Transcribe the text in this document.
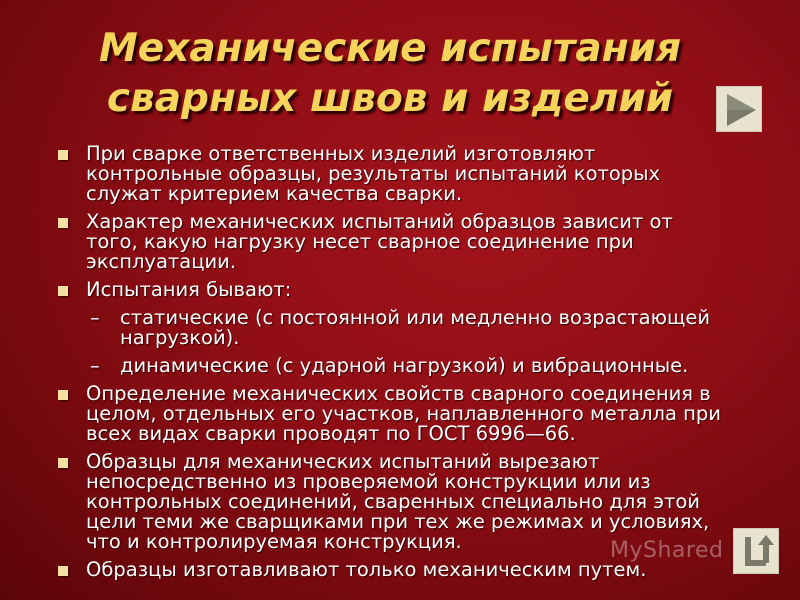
Механические испытания
сварных швов и изделий
При сварке ответственных изделий изготовляют контрольные образцы, результаты испытаний которых служат критерием качества сварки.
Характер механических испытаний образцов зависит от того, какую нагрузку несет сварное соединение при эксплуатации.
Испытания бывают:
– статические (с постоянной или медленно возрастающей нагрузкой).
– динамические (с ударной нагрузкой) и вибрационные.
Определение механических свойств сварного соединения в целом, отдельных его участков, наплавленного металла при всех видах сварки проводят по ГОСТ 6996—66.
Образцы для механических испытаний вырезают непосредственно из проверяемой конструкции или из контрольных соединений, сваренных специально для этой цели теми же сварщиками при тех же режимах и условиях, что и контролируемая конструкция.
Образцы изготавливают только механическим путем.
MyShared
